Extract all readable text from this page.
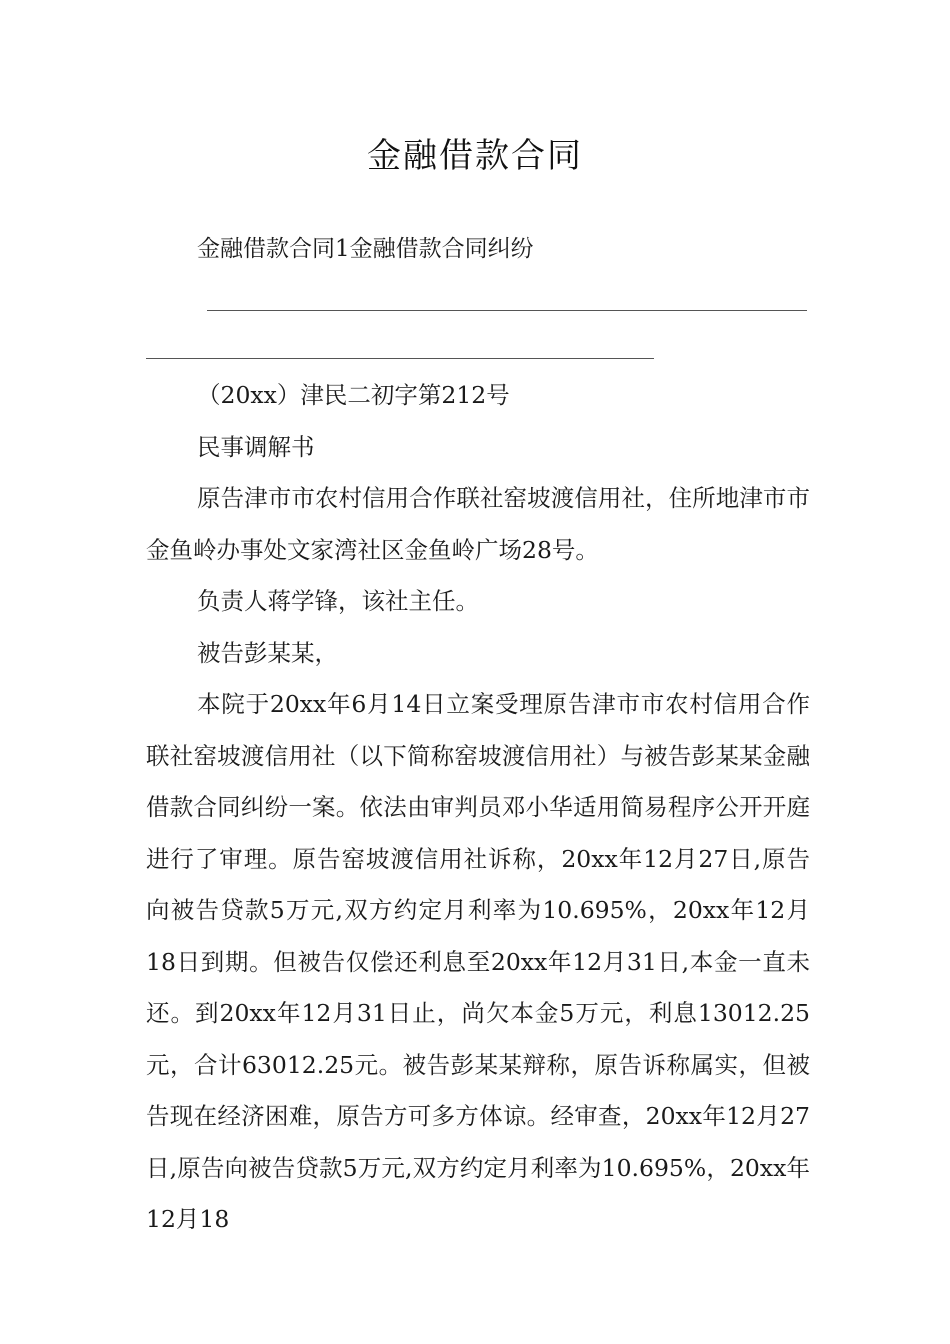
金融借款合同
金融借款合同1金融借款合同纠纷

（20xx）津民二初字第212号

民事调解书

原告津市市农村信用合作联社窑坡渡信用社，住所地津市市金鱼岭办事处文家湾社区金鱼岭广场28号。

负责人蒋学锋，该社主任。

被告彭某某，

本院于20xx年6月14日立案受理原告津市市农村信用合作联社窑坡渡信用社（以下简称窑坡渡信用社）与被告彭某某金融借款合同纠纷一案。依法由审判员邓小华适用简易程序公开开庭进行了审理。原告窑坡渡信用社诉称，20xx年12月27日,原告向被告贷款5万元,双方约定月利率为10.695%，20xx年12月18日到期。但被告仅偿还利息至20xx年12月31日,本金一直未还。到20xx年12月31日止，尚欠本金5万元，利息13012.25元，合计63012.25元。被告彭某某辩称，原告诉称属实，但被告现在经济困难，原告方可多方体谅。经审查，20xx年12月27日,原告向被告贷款5万元,双方约定月利率为10.695%，20xx年12月18
